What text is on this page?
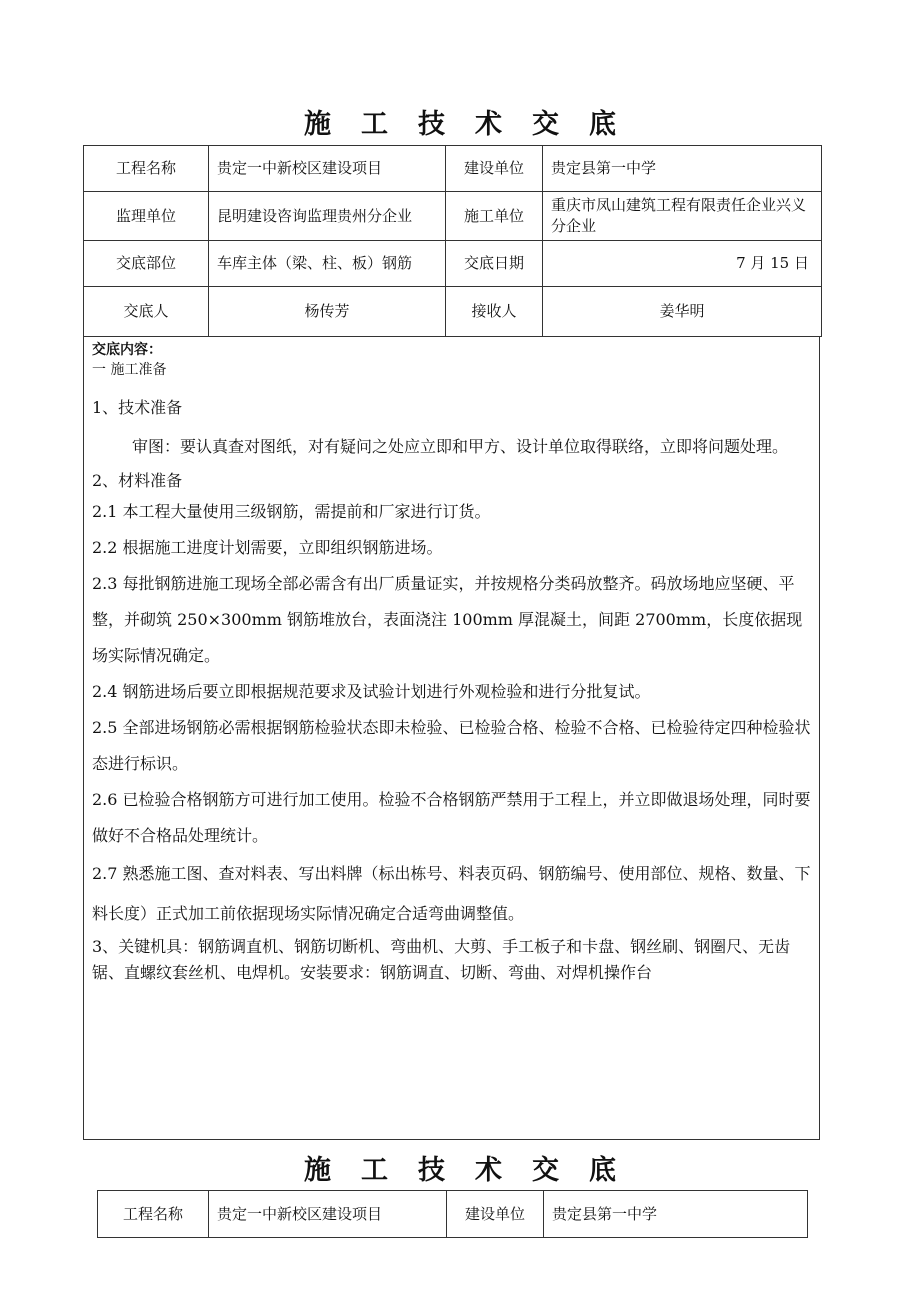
施工技术交底
工程名称	贵定一中新校区建设项目	建设单位	贵定县第一中学
监理单位	昆明建设咨询监理贵州分企业	施工单位	重庆市凤山建筑工程有限责任企业兴义分企业
交底部位	车库主体（梁、柱、板）钢筋	交底日期	7 月 15 日
交底人	杨传芳	接收人	姜华明
交底内容：
一 施工准备

1、技术准备

审图：要认真查对图纸，对有疑问之处应立即和甲方、设计单位取得联络，立即将问题处理。

2、材料准备

2.1 本工程大量使用三级钢筋，需提前和厂家进行订货。

2.2 根据施工进度计划需要，立即组织钢筋进场。

2.3 每批钢筋进施工现场全部必需含有出厂质量证实，并按规格分类码放整齐。码放场地应坚硬、平整，并砌筑 250×300mm 钢筋堆放台，表面浇注 100mm 厚混凝土，间距 2700mm，长度依据现场实际情况确定。

2.4 钢筋进场后要立即根据规范要求及试验计划进行外观检验和进行分批复试。

2.5 全部进场钢筋必需根据钢筋检验状态即未检验、已检验合格、检验不合格、已检验待定四种检验状态进行标识。

2.6 已检验合格钢筋方可进行加工使用。检验不合格钢筋严禁用于工程上，并立即做退场处理，同时要做好不合格品处理统计。

2.7 熟悉施工图、查对料表、写出料牌（标出栋号、料表页码、钢筋编号、使用部位、规格、数量、下料长度）正式加工前依据现场实际情况确定合适弯曲调整值。

3、关键机具：钢筋调直机、钢筋切断机、弯曲机、大剪、手工板子和卡盘、钢丝刷、钢圈尺、无齿锯、直螺纹套丝机、电焊机。安装要求：钢筋调直、切断、弯曲、对焊机操作台

施工技术交底
工程名称	贵定一中新校区建设项目	建设单位	贵定县第一中学
